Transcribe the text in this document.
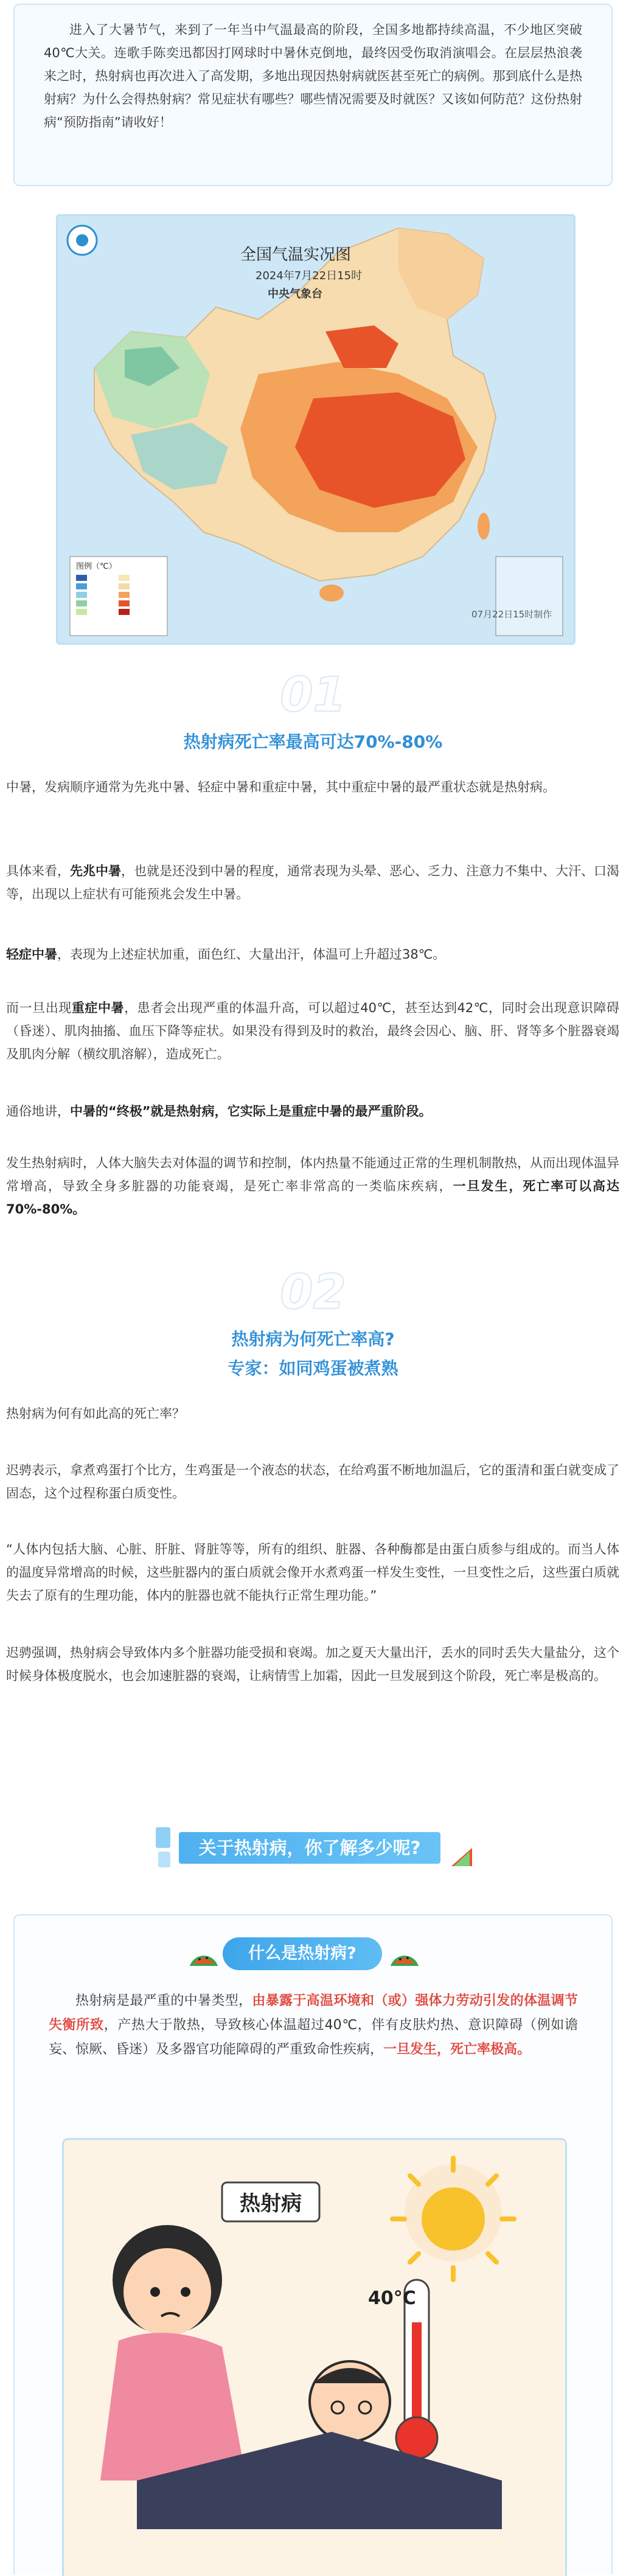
进入了大暑节气，来到了一年当中气温最高的阶段，全国多地都持续高温，不少地区突破40℃大关。连歌手陈奕迅都因打网球时中暑休克倒地，最终因受伤取消演唱会。在层层热浪袭来之时，热射病也再次进入了高发期，多地出现因热射病就医甚至死亡的病例。那到底什么是热射病？为什么会得热射病？常见症状有哪些？哪些情况需要及时就医？又该如何防范？这份热射病“预防指南”请收好！

全国气温实况图
2024年7月22日15时
中央气象台
图例（℃）
07月22日15时制作
01
热射病死亡率最高可达70%-80%

中暑，发病顺序通常为先兆中暑、轻症中暑和重症中暑，其中重症中暑的最严重状态就是热射病。

具体来看，先兆中暑，也就是还没到中暑的程度，通常表现为头晕、恶心、乏力、注意力不集中、大汗、口渴等，出现以上症状有可能预兆会发生中暑。

轻症中暑，表现为上述症状加重，面色红、大量出汗，体温可上升超过38℃。

而一旦出现重症中暑，患者会出现严重的体温升高，可以超过40℃，甚至达到42℃，同时会出现意识障碍（昏迷）、肌肉抽搐、血压下降等症状。如果没有得到及时的救治，最终会因心、脑、肝、肾等多个脏器衰竭及肌肉分解（横纹肌溶解），造成死亡。

通俗地讲，中暑的“终极”就是热射病，它实际上是重症中暑的最严重阶段。

发生热射病时，人体大脑失去对体温的调节和控制，体内热量不能通过正常的生理机制散热，从而出现体温异常增高，导致全身多脏器的功能衰竭，是死亡率非常高的一类临床疾病，一旦发生，死亡率可以高达70%-80%。

02
热射病为何死亡率高?
专家：如同鸡蛋被煮熟

热射病为何有如此高的死亡率？

迟骋表示，拿煮鸡蛋打个比方，生鸡蛋是一个液态的状态，在给鸡蛋不断地加温后，它的蛋清和蛋白就变成了固态，这个过程称蛋白质变性。

“人体内包括大脑、心脏、肝脏、肾脏等等，所有的组织、脏器、各种酶都是由蛋白质参与组成的。而当人体的温度异常增高的时候，这些脏器内的蛋白质就会像开水煮鸡蛋一样发生变性，一旦变性之后，这些蛋白质就失去了原有的生理功能，体内的脏器也就不能执行正常生理功能。”

迟骋强调，热射病会导致体内多个脏器功能受损和衰竭。加之夏天大量出汗，丢水的同时丢失大量盐分，这个时候身体极度脱水，也会加速脏器的衰竭，让病情雪上加霜，因此一旦发展到这个阶段，死亡率是极高的。

关于热射病，你了解多少呢?
什么是热射病?

热射病是最严重的中暑类型，由暴露于高温环境和（或）强体力劳动引发的体温调节失衡所致，产热大于散热，导致核心体温超过40℃，伴有皮肤灼热、意识障碍（例如谵妄、惊厥、昏迷）及多器官功能障碍的严重致命性疾病，一旦发生，死亡率极高。

热射病
40°C
